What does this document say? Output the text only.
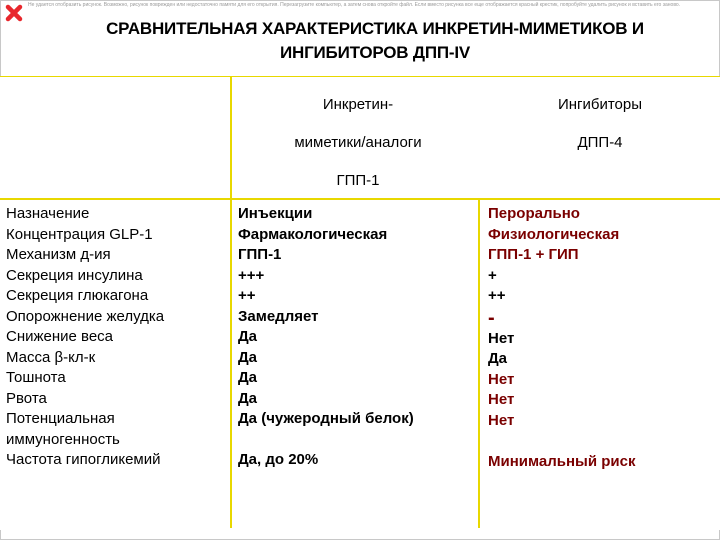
Не удается отобразить рисунок. Возможно, рисунок поврежден или недостаточно памяти для его открытия. Перезагрузите компьютер, а затем снова откройте файл. Если вместо рисунка все еще отображается красный крестик, попробуйте удалить рисунок и вставить его заново.
СРАВНИТЕЛЬНАЯ ХАРАКТЕРИСТИКА ИНКРЕТИН-МИМЕТИКОВ И
ИНГИБИТОРОВ ДПП-IV
Инкретин-
миметики/аналоги
ГПП-1
Ингибиторы
ДПП-4
Назначение
Концентрация GLP-1
Механизм д-ия
Секреция инсулина
Секреция глюкагона
Опорожнение желудка
Снижение веса
Масса β-кл-к
Тошнота
Рвота
Потенциальная
иммуногенность
Частота гипогликемий
Инъекции
Фармакологическая
ГПП-1
+++
++
Замедляет
Да
Да
Да
Да
Да (чужеродный белок)
Да, до 20%
Перорально
Физиологическая
ГПП-1 + ГИП
+
++
-
Нет
Да
Нет
Нет
Нет
Минимальный риск
